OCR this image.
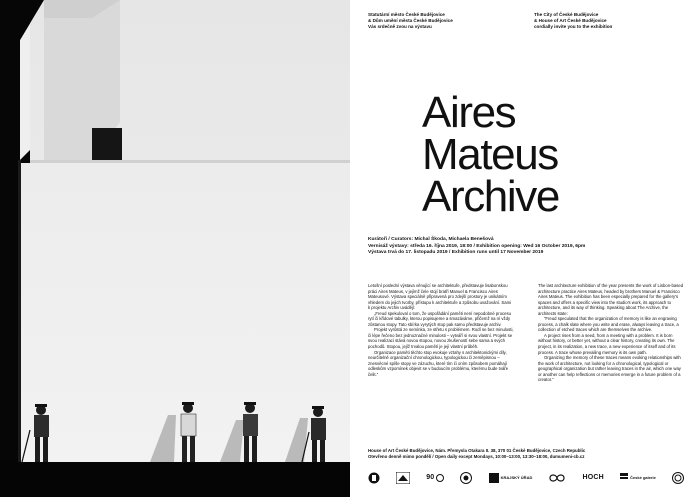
Statutární město České Budějovice
& Dům umění města České Budějovice
Vás srdečně zvou na výstavu
The City of České Budějovice
& House of Art České Budějovice
cordially invite you to the exhibition
Aires
Mateus
Archive
Kurátoři / Curators: Michal Škoda, Michaela Benešová
Vernisáž výstavy: středa 16. října 2019, 18:00 / Exhibition opening: Wed 16 October 2019, 6pm
Výstava trvá do 17. listopadu 2019 / Exhibition runs until 17 November 2019

Letošní poslední výstava věnující se architektuře, představuje lisabonskou práci Aires Mateus, v jejímž čele stojí bratři Manuel & Francisco Aires Mateusové. Výstava speciálně připravená pro zdejší prostory je unikátním vhledem do jejich tvorby, přístupu k architektuře a způsobu uvažování. Sami k projektu Archiv uvádějí:

„Freud spekuloval o tom, že uspořádání paměti není nepodobné procesu rytí či křídové tabulky, kterou popisujeme a smazáváme, přičemž na ní vždy zůstanou stopy. Tato sbírka vyrytých stop pak samo představuje archiv.

Projekt vyrůstá ze semínka, ze střetu s problémem. Rodí se bez minulosti, či lépe řečeno bez jednoznačné minulosti – vytváří si svou vlastní. Projekt se svou realizací stává novou stopou, novou zkušeností sebe sama a svých pochodů. Stopou, jejíž trvalou pamětí je její vlastní průběh.

Organizace paměti těchto stop evokuje vztahy s architektonickými díly, neurčitelně organizační chronologickou, typologickou či zeměpisnou – znesvěcné spíše stopy ve zázuchu, které tím či oním způsobem pomáhají odleskům vzpomínek objevit se v budoucím problému, kterému bude tváře čelit.“

The last architecture exhibition of the year presents the work of Lisbon-based architecture practice Aires Mateus, headed by brothers Manuel & Francisco Aires Mateus. The exhibition has been especially prepared for the gallery's spaces and offers a specific view into the studio's work, its approach to architecture, and its way of thinking. Speaking about The Archive, the architects state:

“Freud speculated that the organization of memory is like an engraving process, a chalk slate where you write and erase, always leaving a trace, a collection of etched traces which are themselves the archive.

A project rises from a seed, from a meeting with a problem. It is born without history, or better yet, without a clear history, creating its own. The project, in its realization, a new trace, a new experience of itself and of its process. A trace whose prevailing memory is its own path.

Organizing the memory of these traces means evoking relationships with the work of architecture, not looking for a chronological, typological or geographical organization but rather leaving traces in the air, which one way or another can help reflections or memories emerge in a future problem of a creator.”

House of Art České Budějovice, Nám. Přemysla Otakara II. 38, 370 01 České Budějovice, Czech Republic
Otevřeno denně mimo pondělí / Open daily except Mondays, 10:00–13:00, 13:30–18:00, dumumeni-cb.cz
90	KRAJSKÝ ÚŘAD	HOCH	České galerie
